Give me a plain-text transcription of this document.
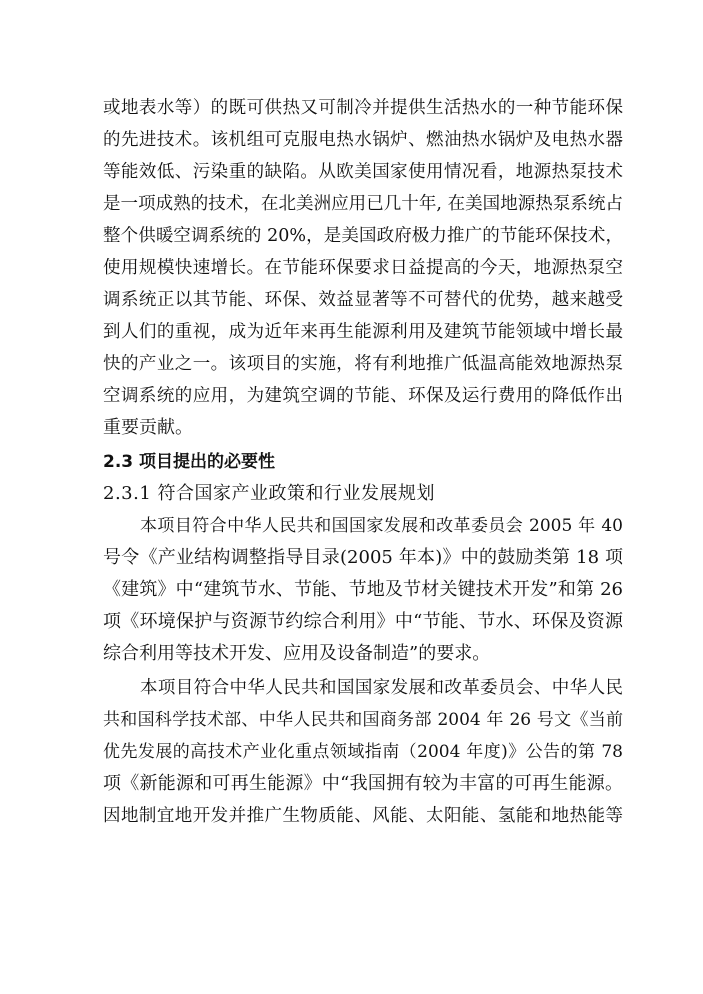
或地表水等）的既可供热又可制冷并提供生活热水的一种节能环保
的先进技术。该机组可克服电热水锅炉、燃油热水锅炉及电热水器
等能效低、污染重的缺陷。从欧美国家使用情况看，地源热泵技术
是一项成熟的技术，在北美洲应用已几十年, 在美国地源热泵系统占
整个供暖空调系统的 20%，是美国政府极力推广的节能环保技术，
使用规模快速增长。在节能环保要求日益提高的今天，地源热泵空
调系统正以其节能、环保、效益显著等不可替代的优势，越来越受
到人们的重视，成为近年来再生能源利用及建筑节能领域中增长最
快的产业之一。该项目的实施，将有利地推广低温高能效地源热泵
空调系统的应用，为建筑空调的节能、环保及运行费用的降低作出
重要贡献。
2.3 项目提出的必要性
2.3.1 符合国家产业政策和行业发展规划
本项目符合中华人民共和国国家发展和改革委员会 2005 年 40
号令《产业结构调整指导目录(2005 年本)》中的鼓励类第 18 项
《建筑》中“建筑节水、节能、节地及节材关键技术开发”和第 26
项《环境保护与资源节约综合利用》中“节能、节水、环保及资源
综合利用等技术开发、应用及设备制造”的要求。
本项目符合中华人民共和国国家发展和改革委员会、中华人民
共和国科学技术部、中华人民共和国商务部 2004 年 26 号文《当前
优先发展的高技术产业化重点领域指南（2004 年度)》公告的第 78
项《新能源和可再生能源》中“我国拥有较为丰富的可再生能源。
因地制宜地开发并推广生物质能、风能、太阳能、氢能和地热能等
